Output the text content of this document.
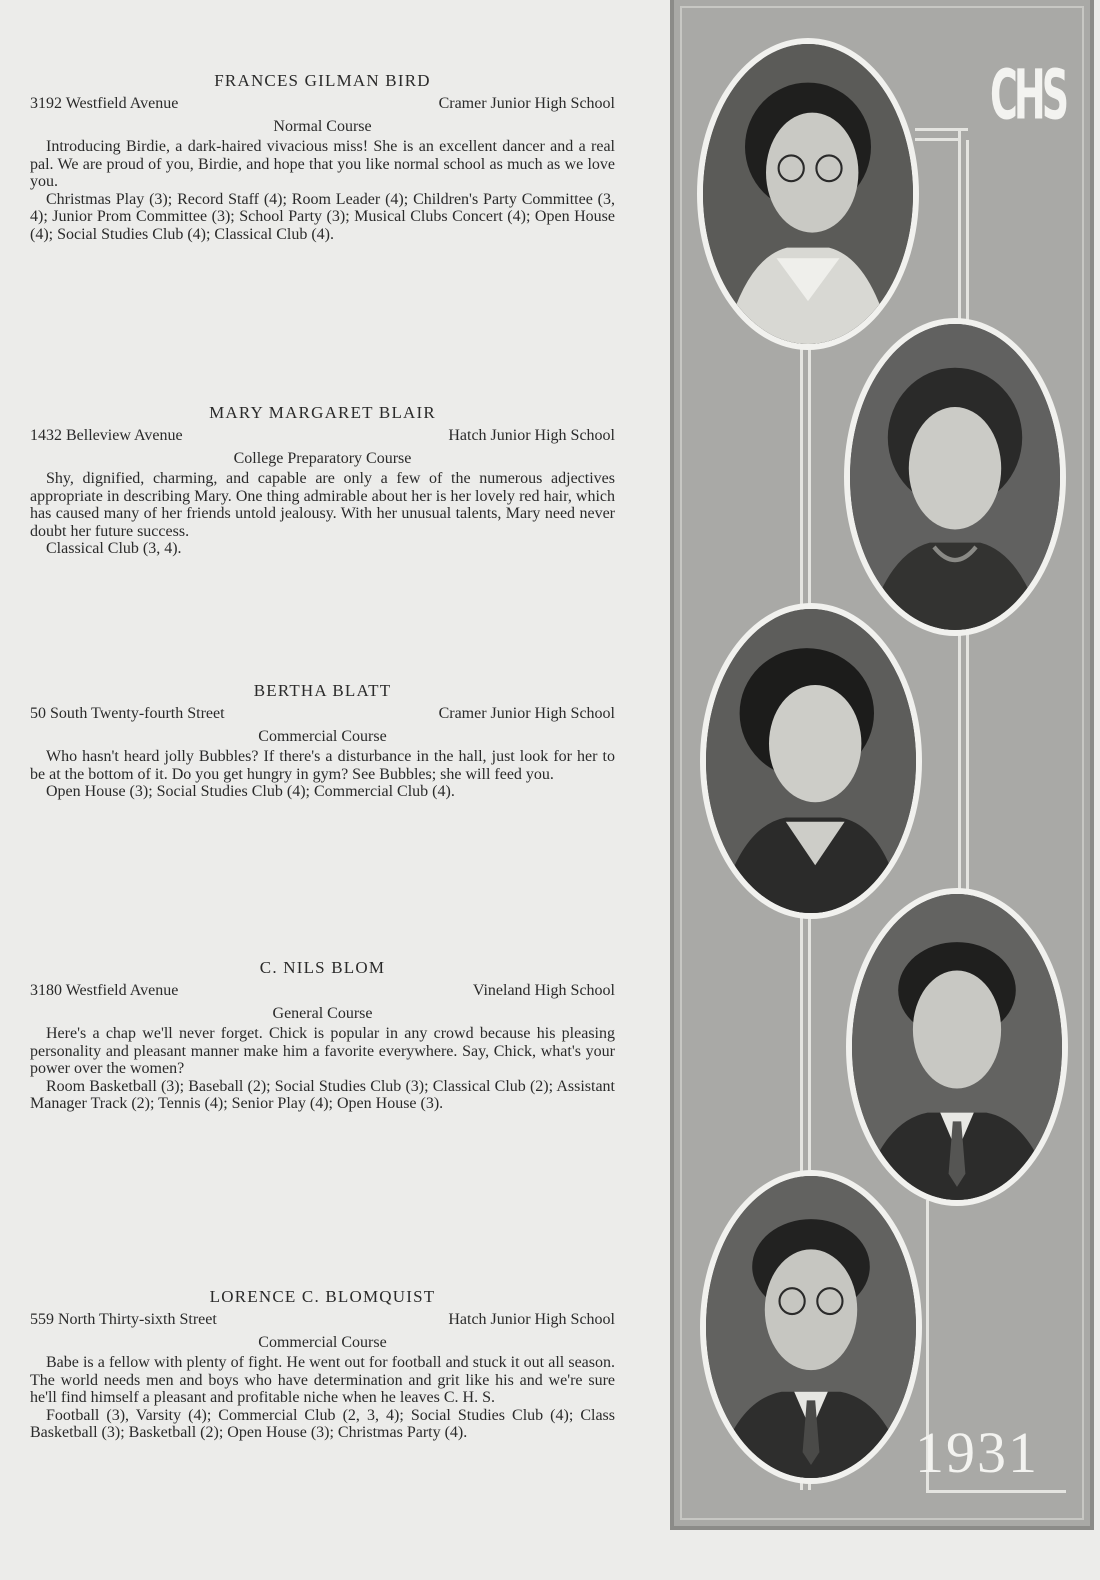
FRANCES GILMAN BIRD
3192 Westfield Avenue	Cramer Junior High School
Normal Course

Introducing Birdie, a dark-haired vivacious miss! She is an excellent dancer and a real pal. We are proud of you, Birdie, and hope that you like normal school as much as we love you.

Christmas Play (3); Record Staff (4); Room Leader (4); Children's Party Committee (3, 4); Junior Prom Committee (3); School Party (3); Musical Clubs Concert (4); Open House (4); Social Studies Club (4); Classical Club (4).

MARY MARGARET BLAIR
1432 Belleview Avenue	Hatch Junior High School
College Preparatory Course

Shy, dignified, charming, and capable are only a few of the numerous adjectives appropriate in describing Mary. One thing admirable about her is her lovely red hair, which has caused many of her friends untold jealousy. With her unusual talents, Mary need never doubt her future success.

Classical Club (3, 4).

BERTHA BLATT
50 South Twenty-fourth Street	Cramer Junior High School
Commercial Course

Who hasn't heard jolly Bubbles? If there's a disturbance in the hall, just look for her to be at the bottom of it. Do you get hungry in gym? See Bubbles; she will feed you.

Open House (3); Social Studies Club (4); Commercial Club (4).

C. NILS BLOM
3180 Westfield Avenue	Vineland High School
General Course

Here's a chap we'll never forget. Chick is popular in any crowd because his pleasing personality and pleasant manner make him a favorite everywhere. Say, Chick, what's your power over the women?

Room Basketball (3); Baseball (2); Social Studies Club (3); Classical Club (2); Assistant Manager Track (2); Tennis (4); Senior Play (4); Open House (3).

LORENCE C. BLOMQUIST
559 North Thirty-sixth Street	Hatch Junior High School
Commercial Course

Babe is a fellow with plenty of fight. He went out for football and stuck it out all season. The world needs men and boys who have determination and grit like his and we're sure he'll find himself a pleasant and profitable niche when he leaves C. H. S.

Football (3), Varsity (4); Commercial Club (2, 3, 4); Social Studies Club (4); Class Basketball (3); Basketball (2); Open House (3); Christmas Party (4).

CHS
1931
